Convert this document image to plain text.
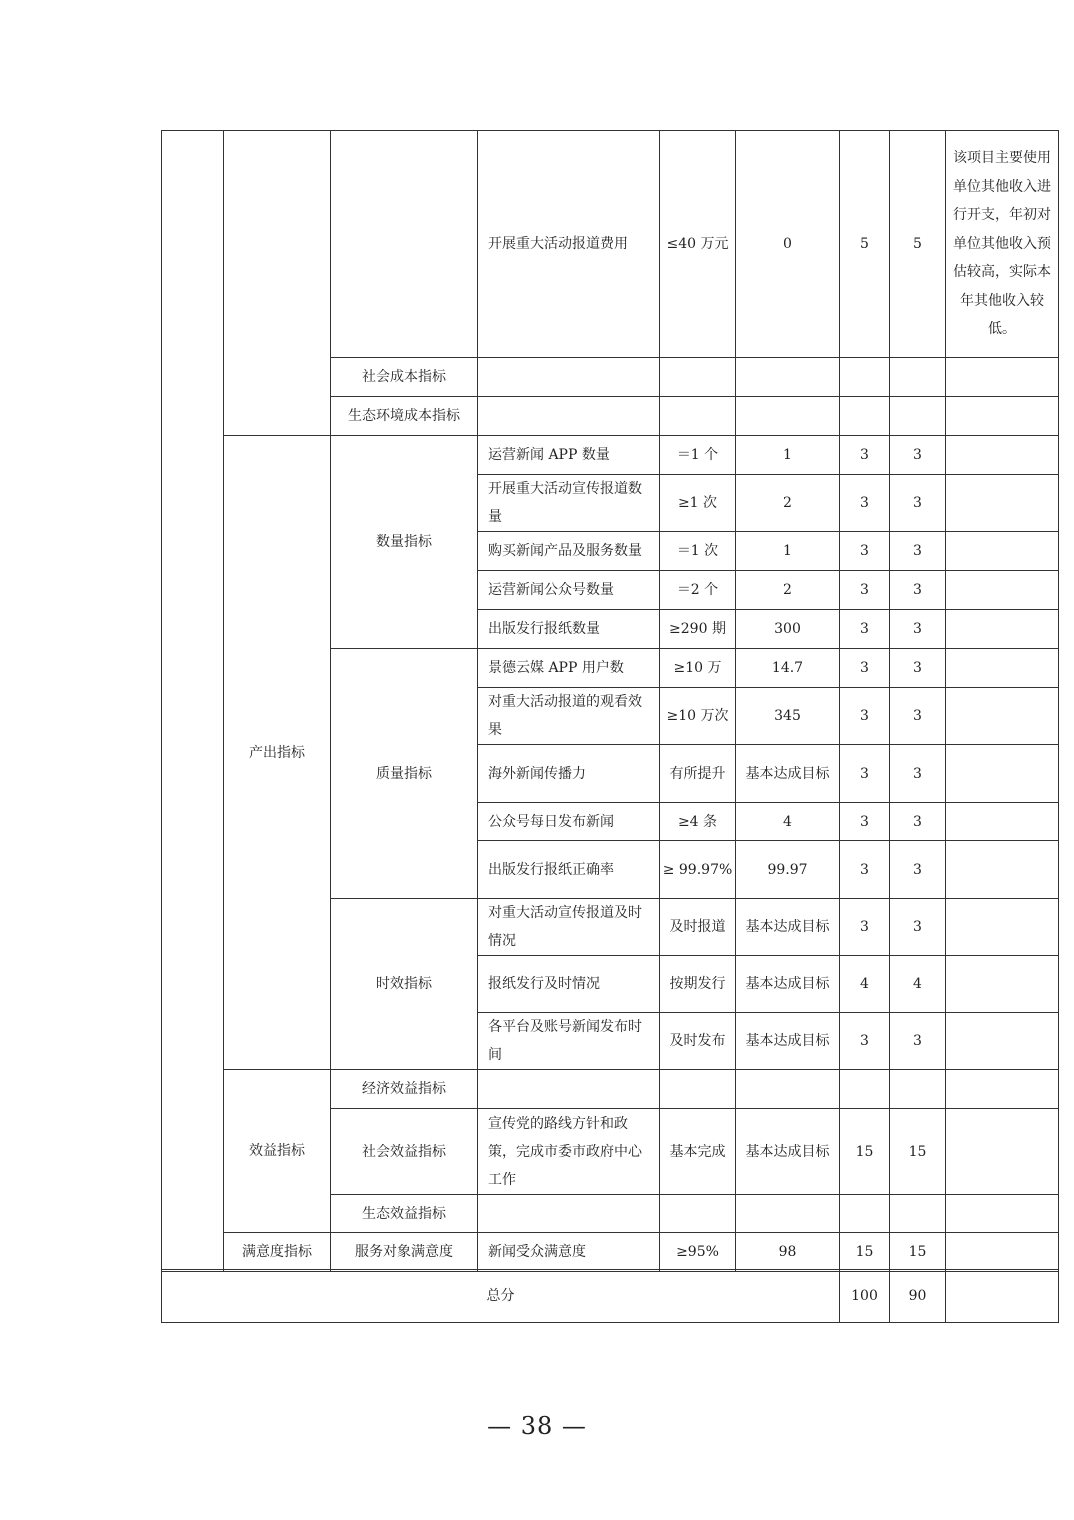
			开展重大活动报道费用	≤40 万元	0	5	5	该项目主要使用单位其他收入进行开支，年初对单位其他收入预估较高，实际本年其他收入较低。
		社会成本指标						
		生态环境成本指标						
	产出指标	数量指标	运营新闻 APP 数量	＝1 个	1	3	3	
			开展重大活动宣传报道数量	≥1 次	2	3	3	
			购买新闻产品及服务数量	＝1 次	1	3	3	
			运营新闻公众号数量	＝2 个	2	3	3	
			出版发行报纸数量	≥290 期	300	3	3	
		质量指标	景德云媒 APP 用户数	≥10 万	14.7	3	3	
			对重大活动报道的观看效果	≥10 万次	345	3	3	
			海外新闻传播力	有所提升	基本达成目标	3	3	
			公众号每日发布新闻	≥4 条	4	3	3	
			出版发行报纸正确率	≥ 99.97%	99.97	3	3	
		时效指标	对重大活动宣传报道及时情况	及时报道	基本达成目标	3	3	
			报纸发行及时情况	按期发行	基本达成目标	4	4	
			各平台及账号新闻发布时间	及时发布	基本达成目标	3	3	
	效益指标	经济效益指标						
		社会效益指标	宣传党的路线方针和政策，完成市委市政府中心工作	基本完成	基本达成目标	15	15	
		生态效益指标						
	满意度指标	服务对象满意度	新闻受众满意度	≥95%	98	15	15	
总分	100	90	
— 38 —
